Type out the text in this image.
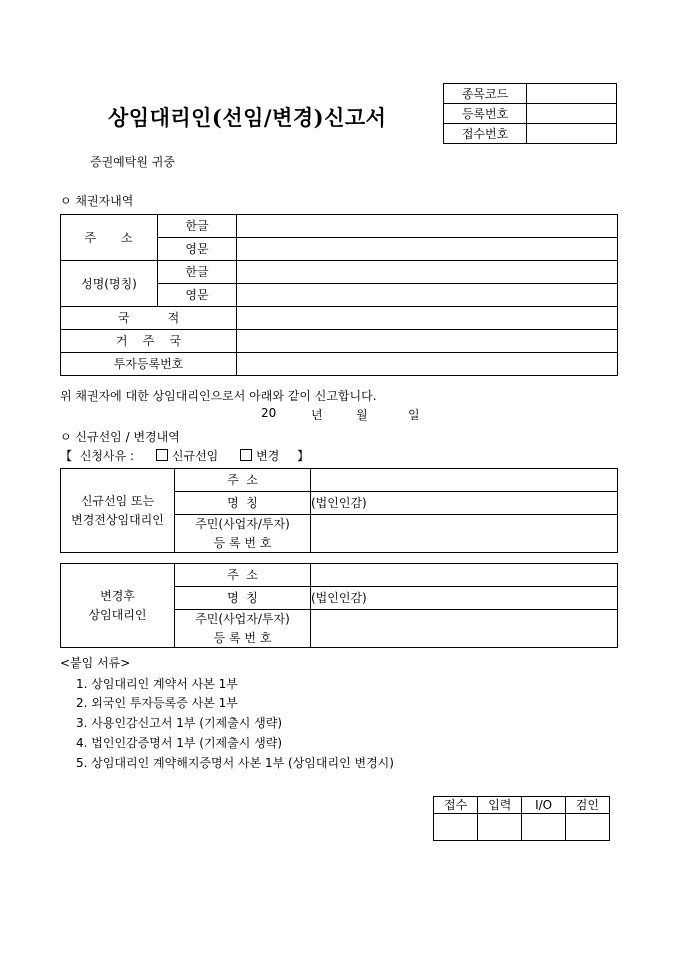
상임대리인(선임/변경)신고서
종목코드	
등록번호	
접수번호	
증권예탁원 귀중
ㅇ 채권자내역
주     소	한글	
	영문	
성명(명칭)	한글	
	영문	
국          적		
거    주    국		
투자등록번호		
위 채권자에 대한 상임대리인으로서 아래와 같이 신고합니다.
20	년	월	일
ㅇ 신규선임 / 변경내역
【 신청사유 :	신규선임	변경 】
신규선임 또는
변경전상임대리인	주  소	
	명  칭	(법인인감)
	주민(사업자/투자)	
	등 록 번 호	
변경후
상임대리인	주  소	
	명  칭	(법인인감)
	주민(사업자/투자)	
	등 록 번 호	
<붙임 서류>
1. 상임대리인 계약서 사본 1부
2. 외국인 투자등록증 사본 1부
3. 사용인감신고서 1부 (기제출시 생략)
4. 법인인감증명서 1부 (기제출시 생략)
5. 상임대리인 계약해지증명서 사본 1부 (상임대리인 변경시)
접수	입력	I/O	검인
